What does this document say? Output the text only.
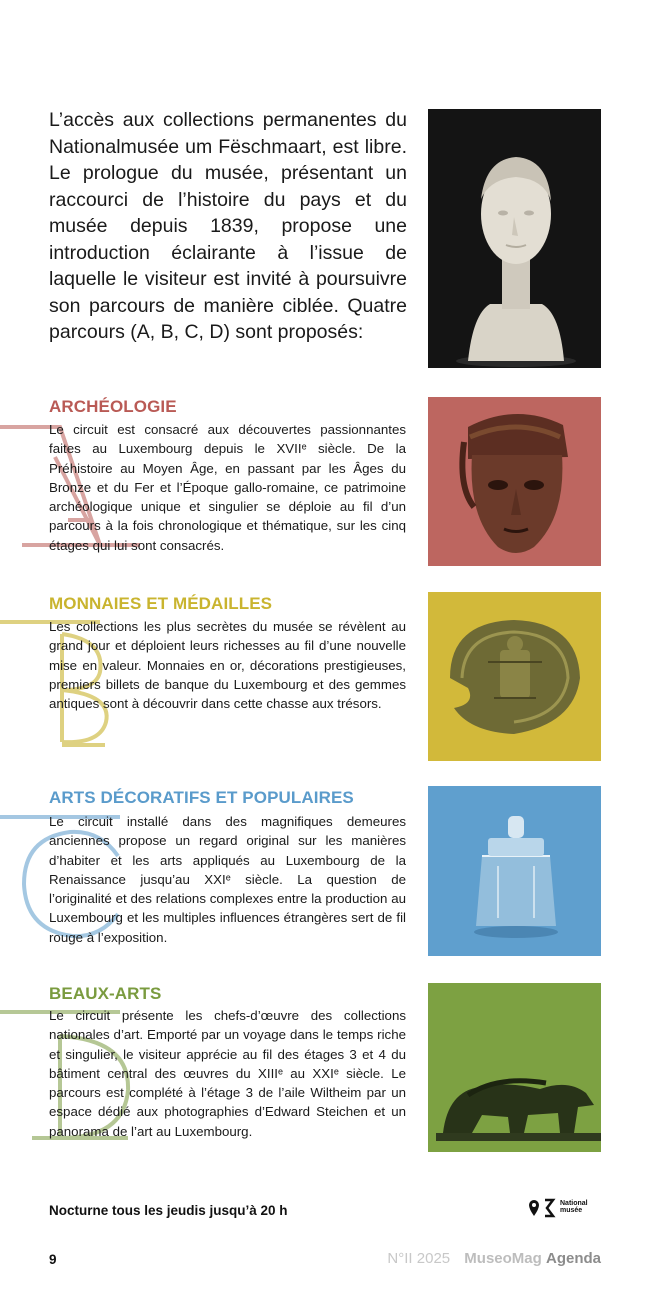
L’accès aux collections permanentes du Nationalmusée um Fëschmaart, est libre. Le prologue du musée, présentant un raccourci de l’histoire du pays et du musée depuis 1839, propose une introduction éclairante à l’issue de laquelle le visiteur est invité à poursuivre son parcours de manière ciblée. Quatre parcours (A, B, C, D) sont proposés:

ARCHÉOLOGIE

Le circuit est consacré aux découvertes passionnantes faites au Luxembourg depuis le XVIIᵉ siècle. De la Préhistoire au Moyen Âge, en passant par les Âges du Bronze et du Fer et l’Époque gallo-romaine, ce patrimoine archéologique unique et singulier se déploie au fil d’un parcours à la fois chronologique et thématique, sur les cinq étages qui lui sont consacrés.

MONNAIES ET MÉDAILLES

Les collections les plus secrètes du musée se révèlent au grand jour et déploient leurs richesses au fil d’une nouvelle mise en valeur. Monnaies en or, décorations prestigieuses, premiers billets de banque du Luxembourg et des gemmes antiques sont à découvrir dans cette chasse aux trésors.

ARTS DÉCORATIFS ET POPULAIRES

Le circuit installé dans des magnifiques demeures anciennes propose un regard original sur les manières d’habiter et les arts appliqués au Luxembourg de la Renaissance jusqu’au XXIᵉ siècle. La question de l’originalité et des relations complexes entre la production au Luxembourg et les multiples influences étrangères sert de fil rouge à l’exposition.

BEAUX-ARTS

Le circuit présente les chefs-d’œuvre des collections nationales d’art. Emporté par un voyage dans le temps riche et singulier, le visiteur apprécie au fil des étages 3 et 4 du bâtiment central des œuvres du XIIIᵉ au XXIᵉ siècle. Le parcours est complété à l’étage 3 de l’aile Wiltheim par un espace dédié aux photographies d’Edward Steichen et un panorama de l’art au Luxembourg.

Nocturne tous les jeudis jusqu’à 20 h

	National
musée

9	N°II 2025 MuseoMag Agenda
